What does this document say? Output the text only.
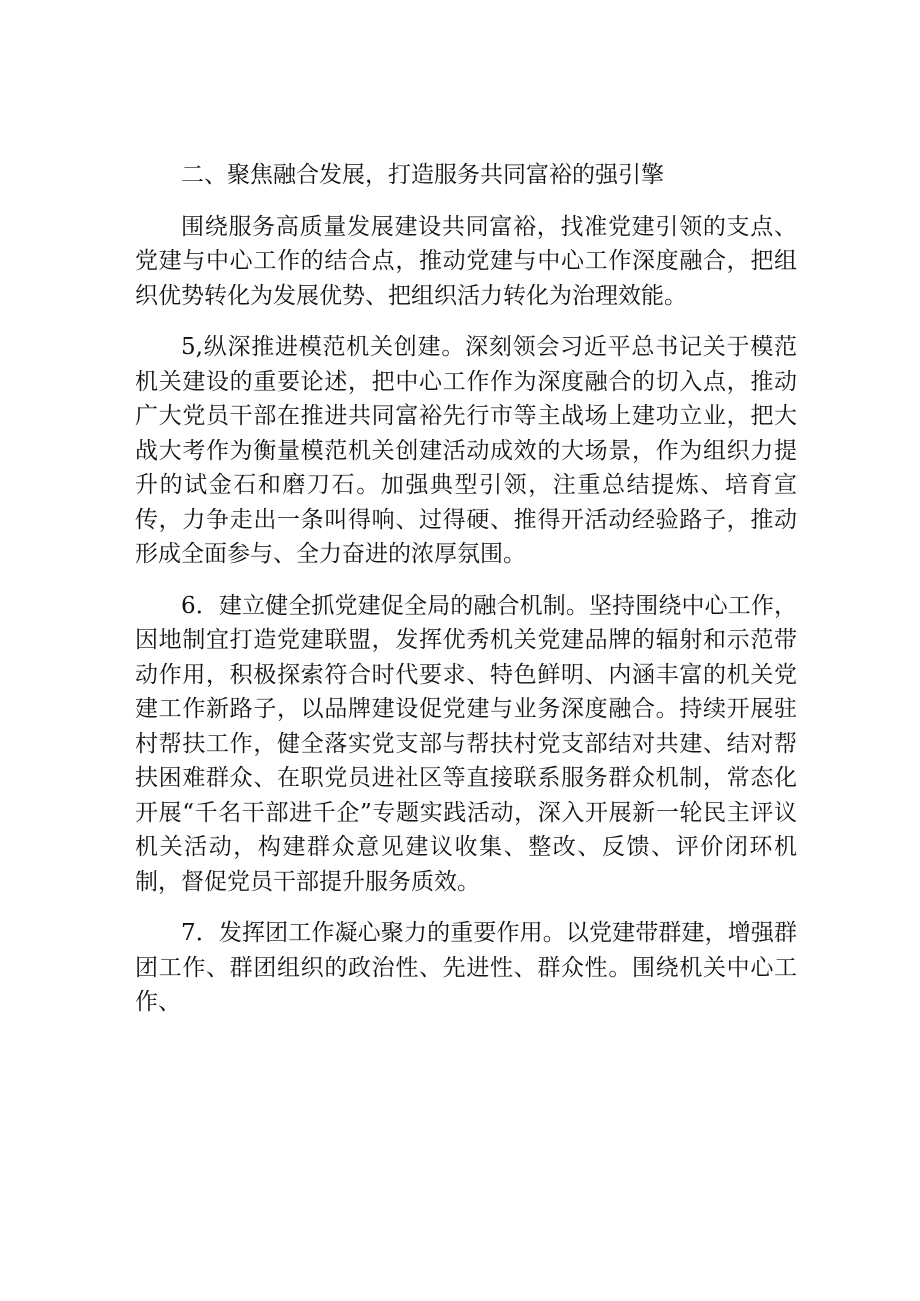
二、聚焦融合发展，打造服务共同富裕的强引擎

围绕服务高质量发展建设共同富裕，找准党建引领的支点、党建与中心工作的结合点，推动党建与中心工作深度融合，把组织优势转化为发展优势、把组织活力转化为治理效能。

5,纵深推进模范机关创建。深刻领会习近平总书记关于模范机关建设的重要论述，把中心工作作为深度融合的切入点，推动广大党员干部在推进共同富裕先行市等主战场上建功立业，把大战大考作为衡量模范机关创建活动成效的大场景，作为组织力提升的试金石和磨刀石。加强典型引领，注重总结提炼、培育宣传，力争走出一条叫得响、过得硬、推得开活动经验路子，推动形成全面参与、全力奋进的浓厚氛围。

6．建立健全抓党建促全局的融合机制。坚持围绕中心工作，因地制宜打造党建联盟，发挥优秀机关党建品牌的辐射和示范带动作用，积极探索符合时代要求、特色鲜明、内涵丰富的机关党建工作新路子，以品牌建设促党建与业务深度融合。持续开展驻村帮扶工作，健全落实党支部与帮扶村党支部结对共建、结对帮扶困难群众、在职党员进社区等直接联系服务群众机制，常态化开展“千名干部进千企”专题实践活动，深入开展新一轮民主评议机关活动，构建群众意见建议收集、整改、反馈、评价闭环机制，督促党员干部提升服务质效。

7．发挥团工作凝心聚力的重要作用。以党建带群建，增强群团工作、群团组织的政治性、先进性、群众性。围绕机关中心工作、
